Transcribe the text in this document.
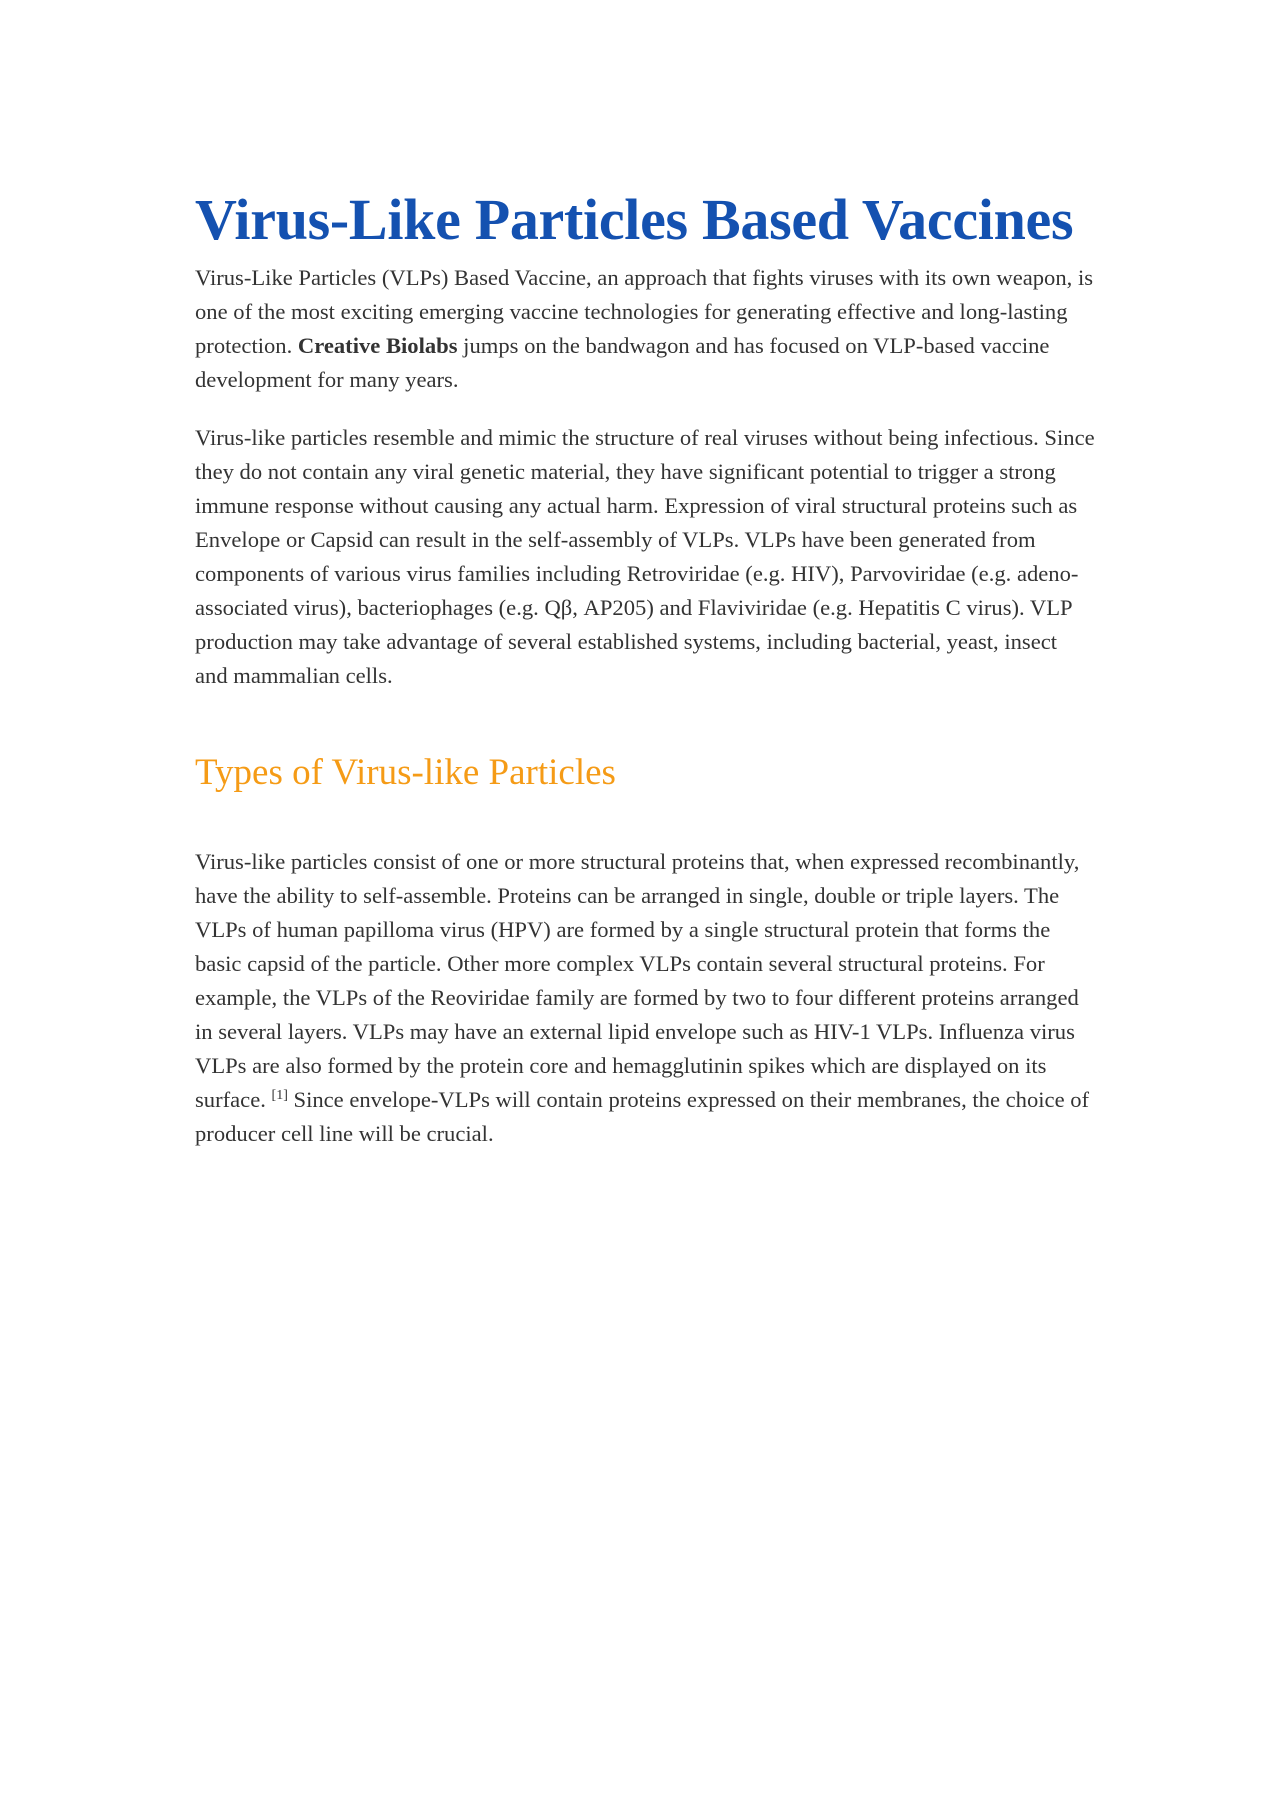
Virus-Like Particles Based Vaccines

Virus-Like Particles (VLPs) Based Vaccine, an approach that fights viruses with its own weapon, is one of the most exciting emerging vaccine technologies for generating effective and long-lasting protection. Creative Biolabs jumps on the bandwagon and has focused on VLP-based vaccine development for many years.

Virus-like particles resemble and mimic the structure of real viruses without being infectious. Since they do not contain any viral genetic material, they have significant potential to trigger a strong immune response without causing any actual harm. Expression of viral structural proteins such as Envelope or Capsid can result in the self-assembly of VLPs. VLPs have been generated from components of various virus families including Retroviridae (e.g. HIV), Parvoviridae (e.g. adeno-associated virus), bacteriophages (e.g. Qβ, AP205) and Flaviviridae (e.g. Hepatitis C virus). VLP production may take advantage of several established systems, including bacterial, yeast, insect and mammalian cells.

Types of Virus-like Particles

Virus-like particles consist of one or more structural proteins that, when expressed recombinantly, have the ability to self-assemble. Proteins can be arranged in single, double or triple layers. The VLPs of human papilloma virus (HPV) are formed by a single structural protein that forms the basic capsid of the particle. Other more complex VLPs contain several structural proteins. For example, the VLPs of the Reoviridae family are formed by two to four different proteins arranged in several layers. VLPs may have an external lipid envelope such as HIV-1 VLPs. Influenza virus VLPs are also formed by the protein core and hemagglutinin spikes which are displayed on its surface. [1] Since envelope-VLPs will contain proteins expressed on their membranes, the choice of producer cell line will be crucial.
